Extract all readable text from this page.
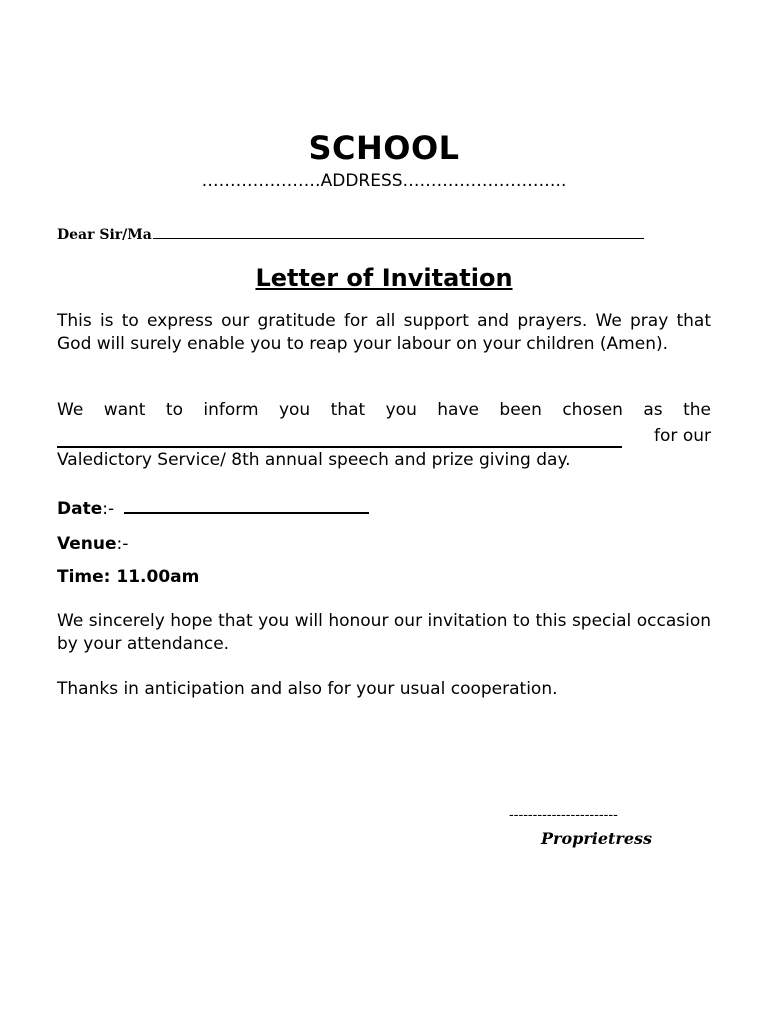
SCHOOL
…………………ADDRESS………………………..
Dear Sir/Ma
Letter of Invitation

This is to express our gratitude for all support and prayers. We pray that God will surely enable you to reap your labour on your children (Amen).

We want to inform you that you have been chosen as the
for our
Valedictory Service/ 8th annual speech and prize giving day.
Date:-
Venue:-
Time: 11.00am

We sincerely hope that you will honour our invitation to this special occasion by your attendance.

Thanks in anticipation and also for your usual cooperation.
-----------------------
Proprietress
